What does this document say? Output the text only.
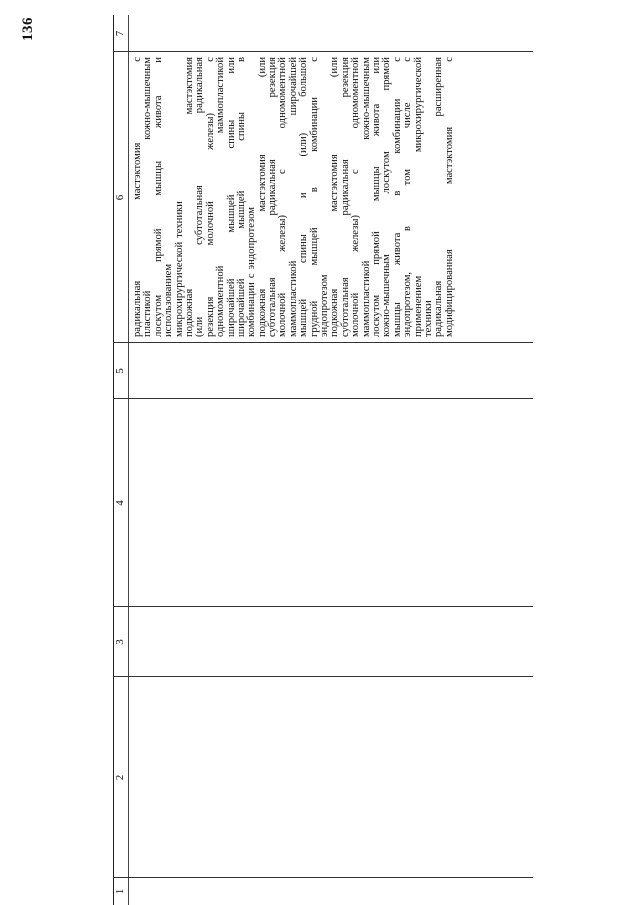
136
1
2
3
4
5
6
7
радикальная
мастэктомия
с
пластикой
кожно-мышечным
лоскутом
прямой
мышцы
живота
и
использованием микрохирургической
техники
подкожная
мастэктомия
(или
субтотальная
радикальная
резекция
молочной
железы)
с
одномоментной
маммопластикой
широчайшей
мышцей
спины
или
широчайшей
мышцей
спины
в
комбинации
с
эндопротезом
подкожная
мастэктомия
(или
субтотальная
радикальная
резекция
молочной
железы)
с
одномоментной
маммопластикой
широчайшей
мышцей
спины
и
(или)
большой
грудной
мышцей
в
комбинации
с
эндопротезом подкожная
мастэктомия
(или
субтотальная
радикальная
резекция
молочной
железы)
с
одномоментной
маммопластикой
кожно-мышечным
лоскутом
прямой
мышцы
живота
или
кожно-мышечным
лоскутом
прямой
мышцы
живота
в
комбинации
с
эндопротезом,
в
том
числе
с
применением
микрохирургической
техники радикальная
расширенная
модифицированная
мастэктомия
с
